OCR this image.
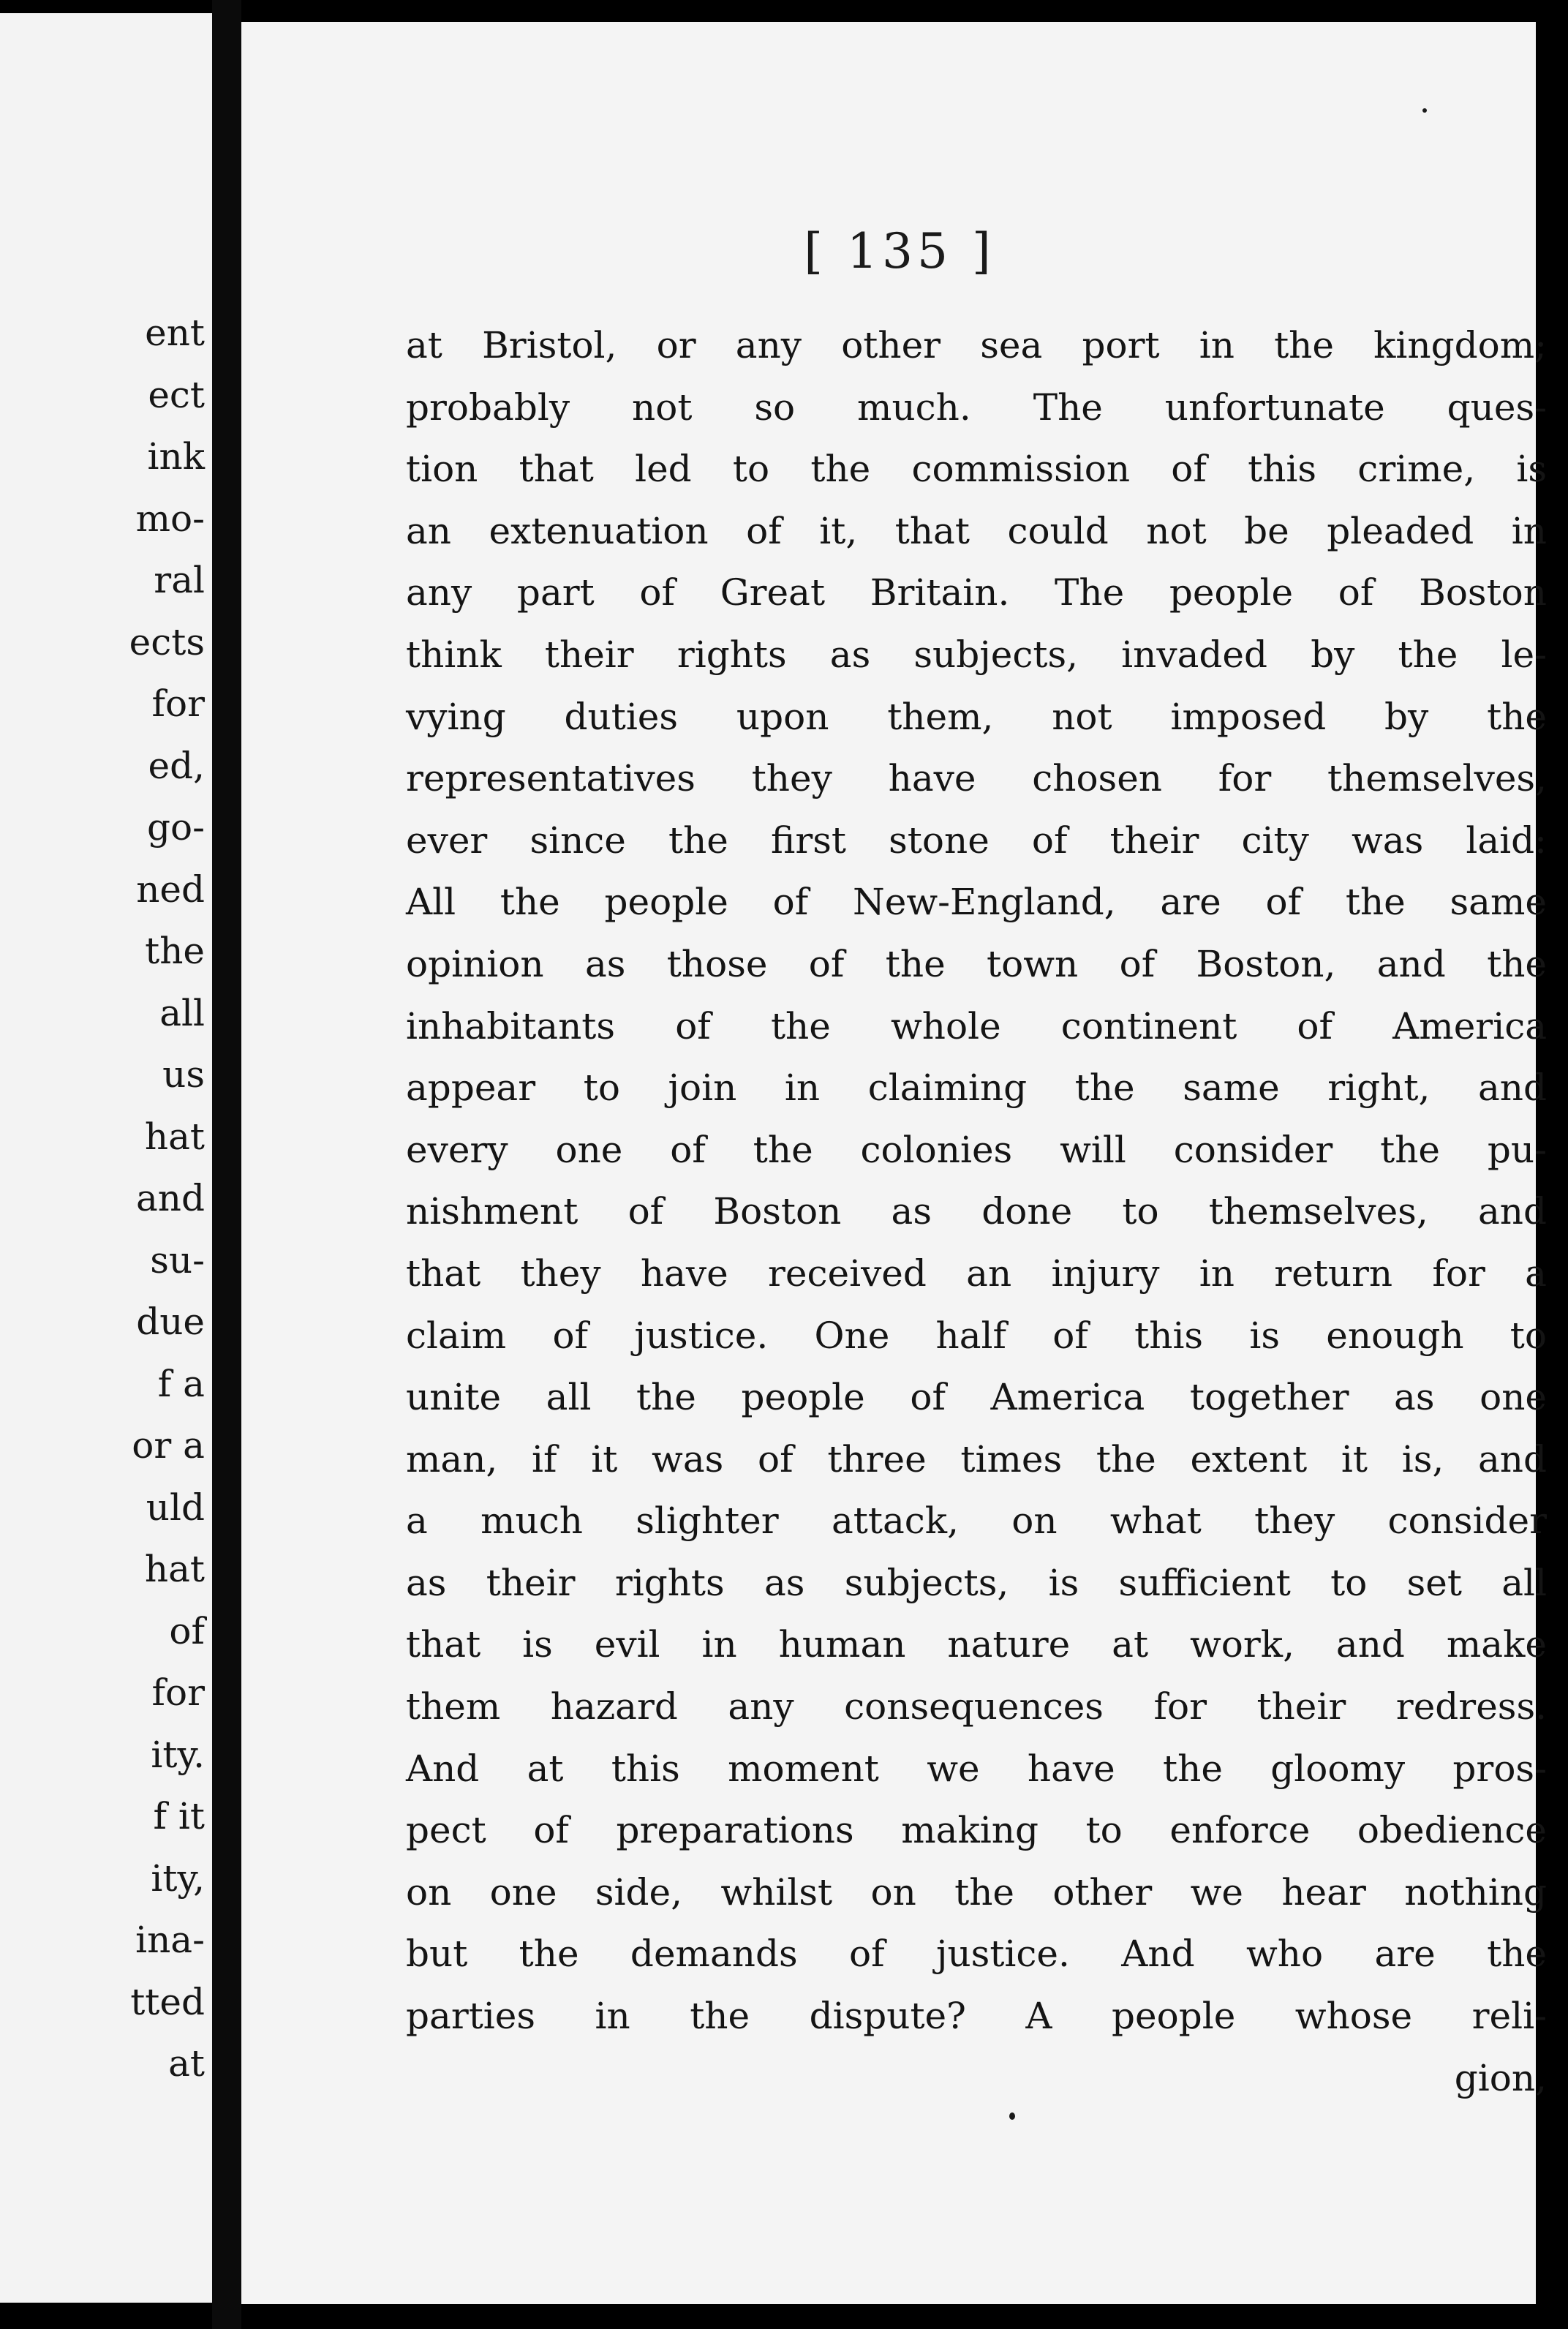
ent
ect
ink
mo-
ral
ects
for
ed,
go-
ned
the
all
us
hat
and
su-
due
f a
or a
uld
hat
of
for
ity.
f it
ity,
ina-
tted
at
[ 135 ]
at Bristol, or any other sea port in the kingdom;
probably not so much. The unfortunate ques-
tion that led to the commission of this crime, is
an extenuation of it, that could not be pleaded in
any part of Great Britain. The people of Boston
think their rights as subjects, invaded by the le-
vying duties upon them, not imposed by the
representatives they have chosen for themselves,
ever since the first stone of their city was laid:
All the people of New-England, are of the same
opinion as those of the town of Boston, and the
inhabitants of the whole continent of America
appear to join in claiming the same right, and
every one of the colonies will consider the pu-
nishment of Boston as done to themselves, and
that they have received an injury in return for a
claim of justice. One half of this is enough to
unite all the people of America together as one
man, if it was of three times the extent it is, and
a much slighter attack, on what they consider
as their rights as subjects, is sufficient to set all
that is evil in human nature at work, and make
them hazard any consequences for their redress.
And at this moment we have the gloomy pros-
pect of preparations making to enforce obedience
on one side, whilst on the other we hear nothing
but the demands of justice. And who are the
parties in the dispute? A people whose reli-
gion,
